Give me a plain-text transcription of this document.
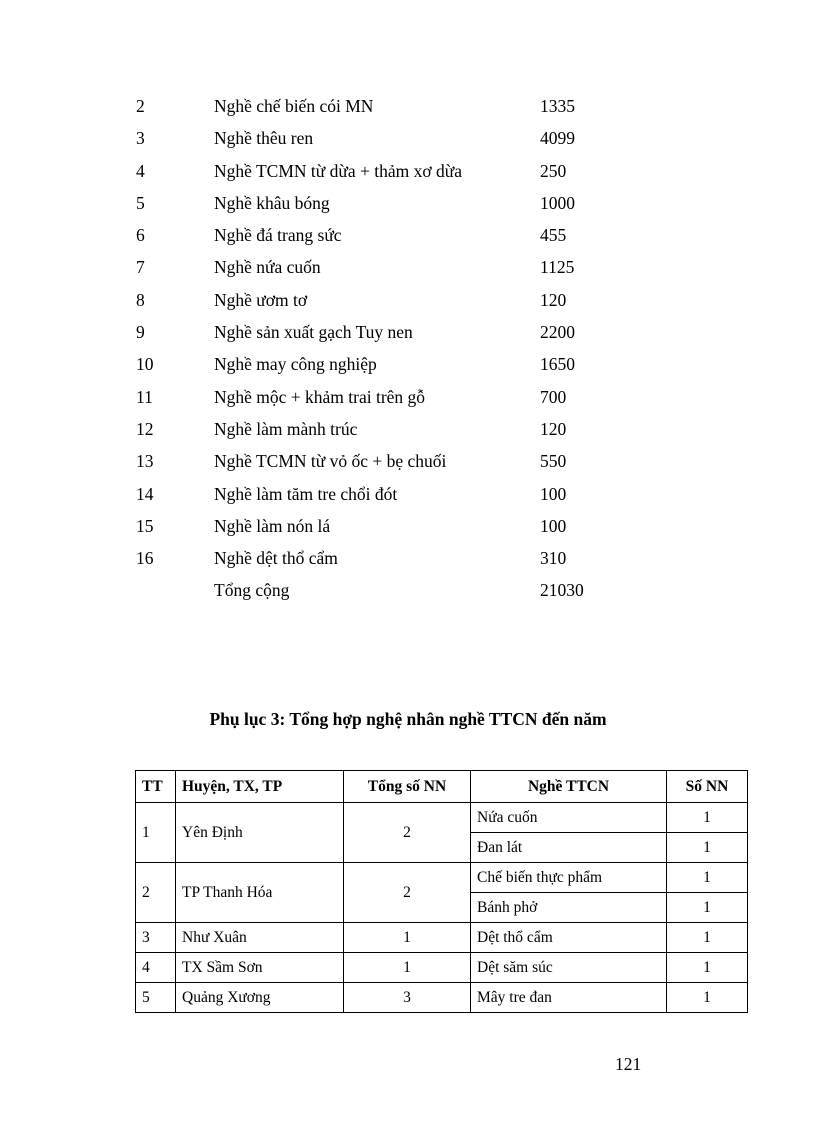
2	Nghề chế biến cói MN	1335
3	Nghề thêu ren	4099
4	Nghề TCMN từ dừa + thảm xơ dừa	250
5	Nghề khâu bóng	1000
6	Nghề đá trang sức	455
7	Nghề nứa cuốn	1125
8	Nghề ươm tơ	120
9	Nghề sản xuất gạch Tuy nen	2200
10	Nghề may công nghiệp	1650
11	Nghề mộc + khảm trai trên gỗ	700
12	Nghề làm mành trúc	120
13	Nghề TCMN từ vỏ ốc + bẹ chuối	550
14	Nghề làm tăm tre chổi đót	100
15	Nghề làm nón lá	100
16	Nghề dệt thổ cẩm	310
Tổng cộng	21030
Phụ lục 3: Tổng hợp nghệ nhân nghề TTCN đến năm
TT	Huyện, TX, TP	Tổng số NN	Nghề TTCN	Số NN
1	Yên Định	2	Nứa cuốn	1
			Đan lát	1
2	TP Thanh Hóa	2	Chế biến thực phẩm	1
			Bánh phở	1
3	Như Xuân	1	Dệt thổ cẩm	1
4	TX Sầm Sơn	1	Dệt săm súc	1
5	Quảng Xương	3	Mây tre đan	1
121
